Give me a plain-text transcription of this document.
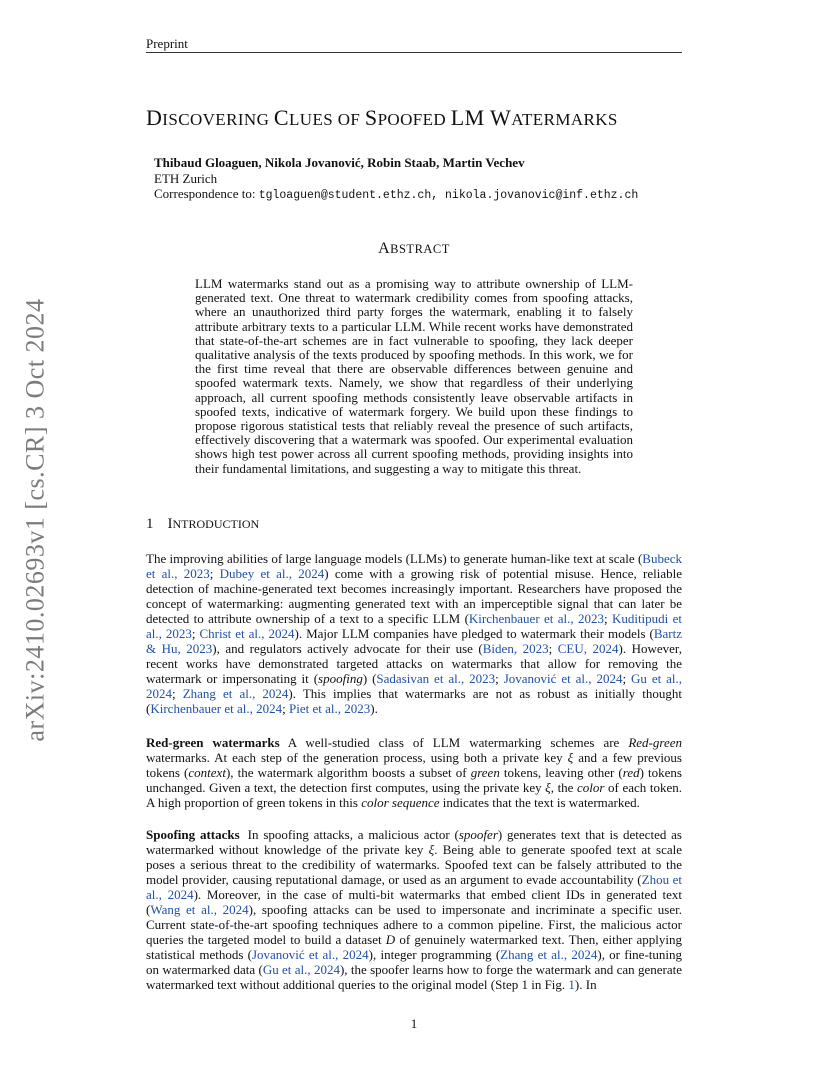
Preprint
arXiv:2410.02693v1 [cs.CR] 3 Oct 2024
DISCOVERING CLUES OF SPOOFED LM WATERMARKS
Thibaud Gloaguen, Nikola Jovanović, Robin Staab, Martin Vechev
ETH Zurich
Correspondence to: tgloaguen@student.ethz.ch, nikola.jovanovic@inf.ethz.ch
ABSTRACT
LLM watermarks stand out as a promising way to attribute ownership of LLM-generated text. One threat to watermark credibility comes from spoofing attacks, where an unauthorized third party forges the watermark, enabling it to falsely attribute arbitrary texts to a particular LLM. While recent works have demonstrated that state-of-the-art schemes are in fact vulnerable to spoofing, they lack deeper qualitative analysis of the texts produced by spoofing methods. In this work, we for the first time reveal that there are observable differences between genuine and spoofed watermark texts. Namely, we show that regardless of their underlying approach, all current spoofing methods consistently leave observable artifacts in spoofed texts, indicative of watermark forgery. We build upon these findings to propose rigorous statistical tests that reliably reveal the presence of such artifacts, effectively discovering that a watermark was spoofed. Our experimental evaluation shows high test power across all current spoofing methods, providing insights into their fundamental limitations, and suggesting a way to mitigate this threat.
1 INTRODUCTION
The improving abilities of large language models (LLMs) to generate human-like text at scale (Bubeck et al., 2023; Dubey et al., 2024) come with a growing risk of potential misuse. Hence, reliable detection of machine-generated text becomes increasingly important. Researchers have proposed the concept of watermarking: augmenting generated text with an imperceptible signal that can later be detected to attribute ownership of a text to a specific LLM (Kirchenbauer et al., 2023; Kuditipudi et al., 2023; Christ et al., 2024). Major LLM companies have pledged to watermark their models (Bartz & Hu, 2023), and regulators actively advocate for their use (Biden, 2023; CEU, 2024). However, recent works have demonstrated targeted attacks on watermarks that allow for removing the watermark or impersonating it (spoofing) (Sadasivan et al., 2023; Jovanović et al., 2024; Gu et al., 2024; Zhang et al., 2024). This implies that watermarks are not as robust as initially thought (Kirchenbauer et al., 2024; Piet et al., 2023).
Red-green watermarks A well-studied class of LLM watermarking schemes are Red-green watermarks. At each step of the generation process, using both a private key ξ and a few previous tokens (context), the watermark algorithm boosts a subset of green tokens, leaving other (red) tokens unchanged. Given a text, the detection first computes, using the private key ξ, the color of each token. A high proportion of green tokens in this color sequence indicates that the text is watermarked.
Spoofing attacks In spoofing attacks, a malicious actor (spoofer) generates text that is detected as watermarked without knowledge of the private key ξ. Being able to generate spoofed text at scale poses a serious threat to the credibility of watermarks. Spoofed text can be falsely attributed to the model provider, causing reputational damage, or used as an argument to evade accountability (Zhou et al., 2024). Moreover, in the case of multi-bit watermarks that embed client IDs in generated text (Wang et al., 2024), spoofing attacks can be used to impersonate and incriminate a specific user. Current state-of-the-art spoofing techniques adhere to a common pipeline. First, the malicious actor queries the targeted model to build a dataset D of genuinely watermarked text. Then, either applying statistical methods (Jovanović et al., 2024), integer programming (Zhang et al., 2024), or fine-tuning on watermarked data (Gu et al., 2024), the spoofer learns how to forge the watermark and can generate watermarked text without additional queries to the original model (Step 1 in Fig. 1). In
1
